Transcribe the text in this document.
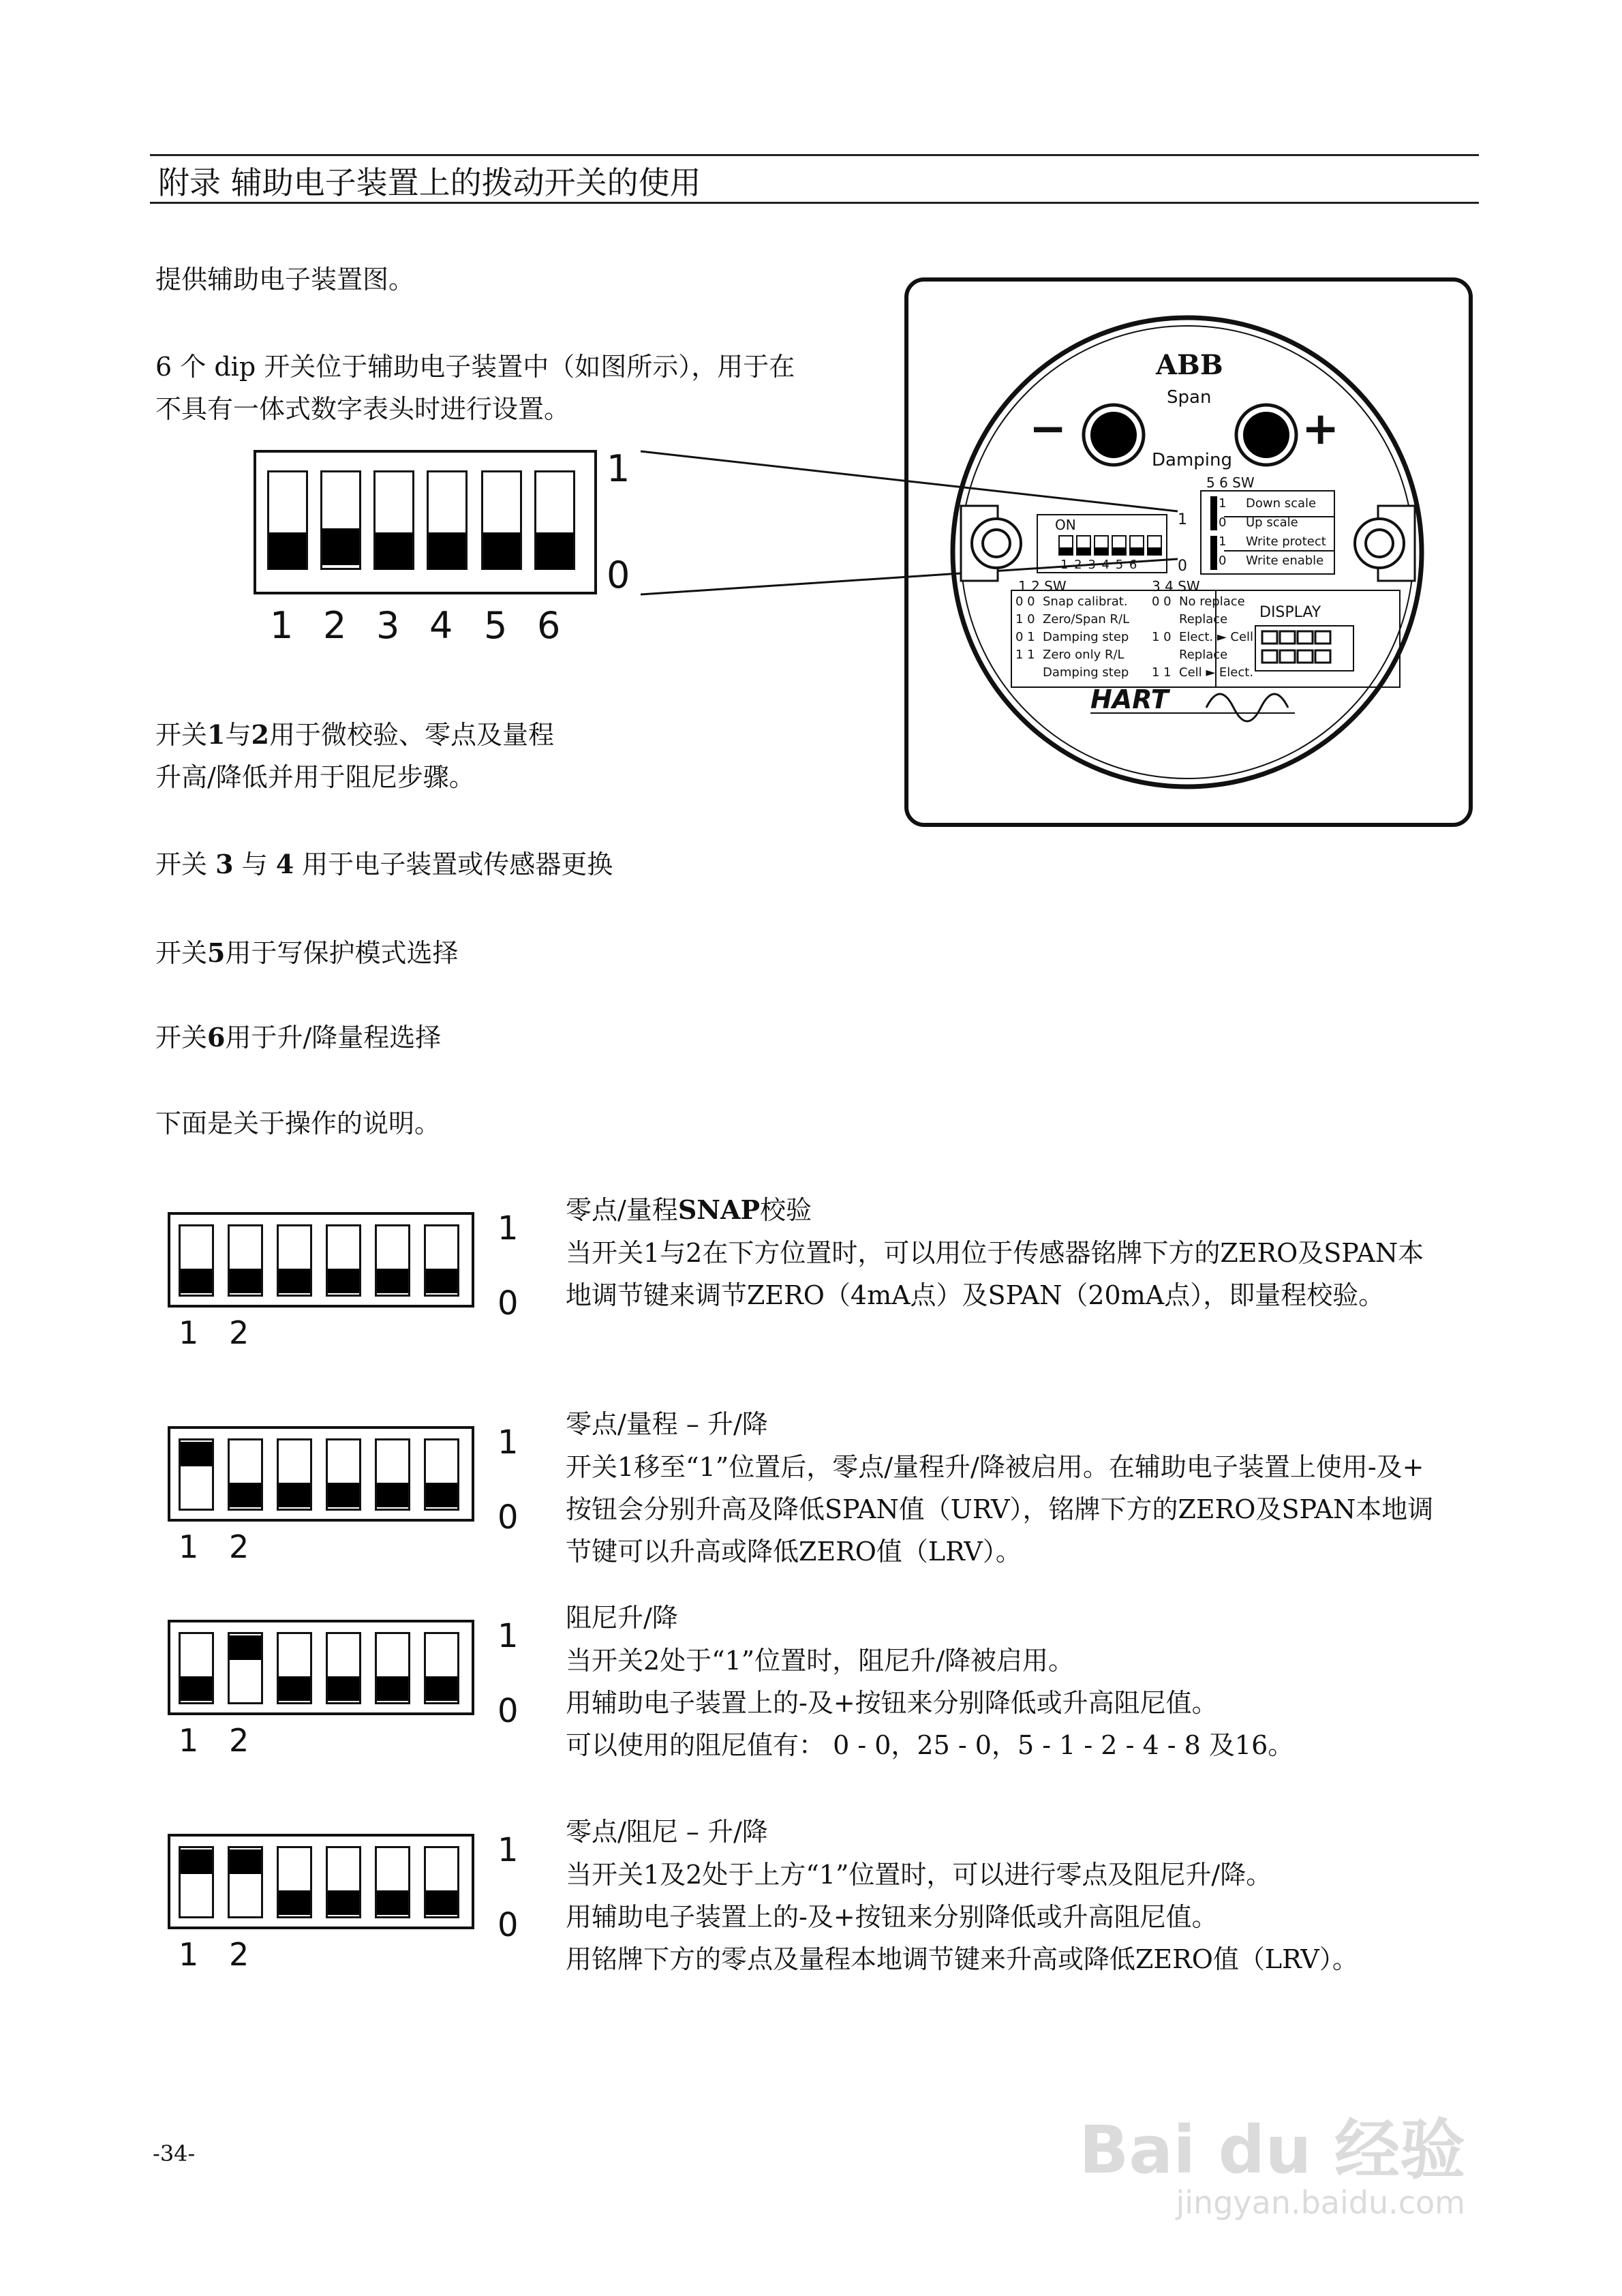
附录 辅助电子装置上的拨动开关的使用
提供辅助电子装置图。
6 个 dip 开关位于辅助电子装置中（如图所示），用于在
不具有一体式数字表头时进行设置。
1
0
1 2 3 4 5 6
ABB
Span
−	+
Damping
ON
1 2 3 4 5 6
1
0
5 6 SW
1 Down scale
0 Up scale
1 Write protect
0 Write enable
1 2 SW
0 0 Snap calibrat.
1 0 Zero/Span R/L
0 1 Damping step
1 1 Zero only R/L
Damping step
3 4 SW
0 0 No replace
Replace
1 0 Elect. ► Cell
Replace
1 1 Cell ► Elect.
DISPLAY
HART
开关1与2用于微校验、零点及量程
升高/降低并用于阻尼步骤。
开关 3 与 4 用于电子装置或传感器更换
开关5用于写保护模式选择
开关6用于升/降量程选择
下面是关于操作的说明。
1
0
1 2
零点/量程SNAP校验
当开关1与2在下方位置时，可以用位于传感器铭牌下方的ZERO及SPAN本
地调节键来调节ZERO（4mA点）及SPAN（20mA点），即量程校验。
1
0
1 2
零点/量程 – 升/降
开关1移至“1”位置后，零点/量程升/降被启用。在辅助电子装置上使用-及+
按钮会分别升高及降低SPAN值（URV），铭牌下方的ZERO及SPAN本地调
节键可以升高或降低ZERO值（LRV）。
1
0
1 2
阻尼升/降
当开关2处于“1”位置时，阻尼升/降被启用。
用辅助电子装置上的-及+按钮来分别降低或升高阻尼值。
可以使用的阻尼值有： 0 - 0，25 - 0，5 - 1 - 2 - 4 - 8 及16。
1
0
1 2
零点/阻尼 – 升/降
当开关1及2处于上方“1”位置时，可以进行零点及阻尼升/降。
用辅助电子装置上的-及+按钮来分别降低或升高阻尼值。
用铭牌下方的零点及量程本地调节键来升高或降低ZERO值（LRV）。
-34-	Bai du 经验
jingyan.baidu.com
